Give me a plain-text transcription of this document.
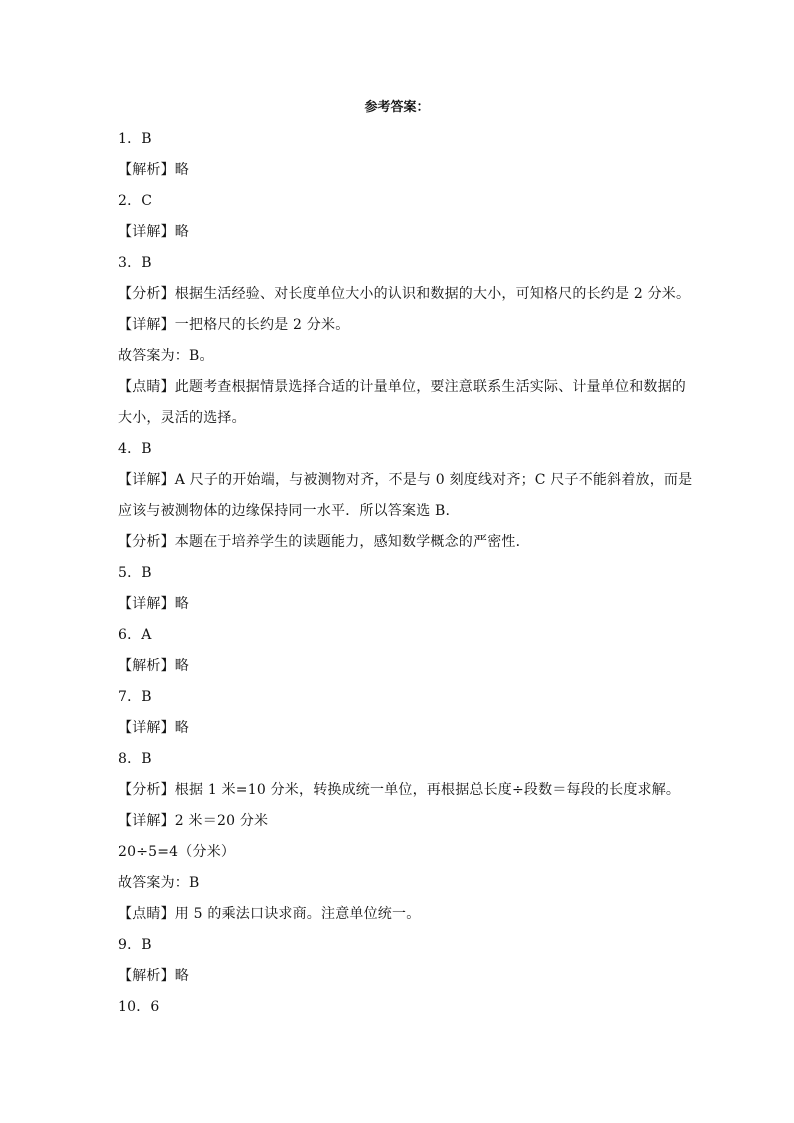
参考答案：
1．B
【解析】略
2．C
【详解】略
3．B
【分析】根据生活经验、对长度单位大小的认识和数据的大小，可知格尺的长约是 2 分米。
【详解】一把格尺的长约是 2 分米。
故答案为：B。
【点睛】此题考查根据情景选择合适的计量单位，要注意联系生活实际、计量单位和数据的
大小，灵活的选择。
4．B
【详解】A 尺子的开始端，与被测物对齐，不是与 0 刻度线对齐；C 尺子不能斜着放，而是
应该与被测物体的边缘保持同一水平．所以答案选 B.
【分析】本题在于培养学生的读题能力，感知数学概念的严密性．
5．B
【详解】略
6．A
【解析】略
7．B
【详解】略
8．B
【分析】根据 1 米=10 分米，转换成统一单位，再根据总长度÷段数＝每段的长度求解。
【详解】2 米＝20 分米
20÷5=4（分米）
故答案为：B
【点睛】用 5 的乘法口诀求商。注意单位统一。
9．B
【解析】略
10．6
